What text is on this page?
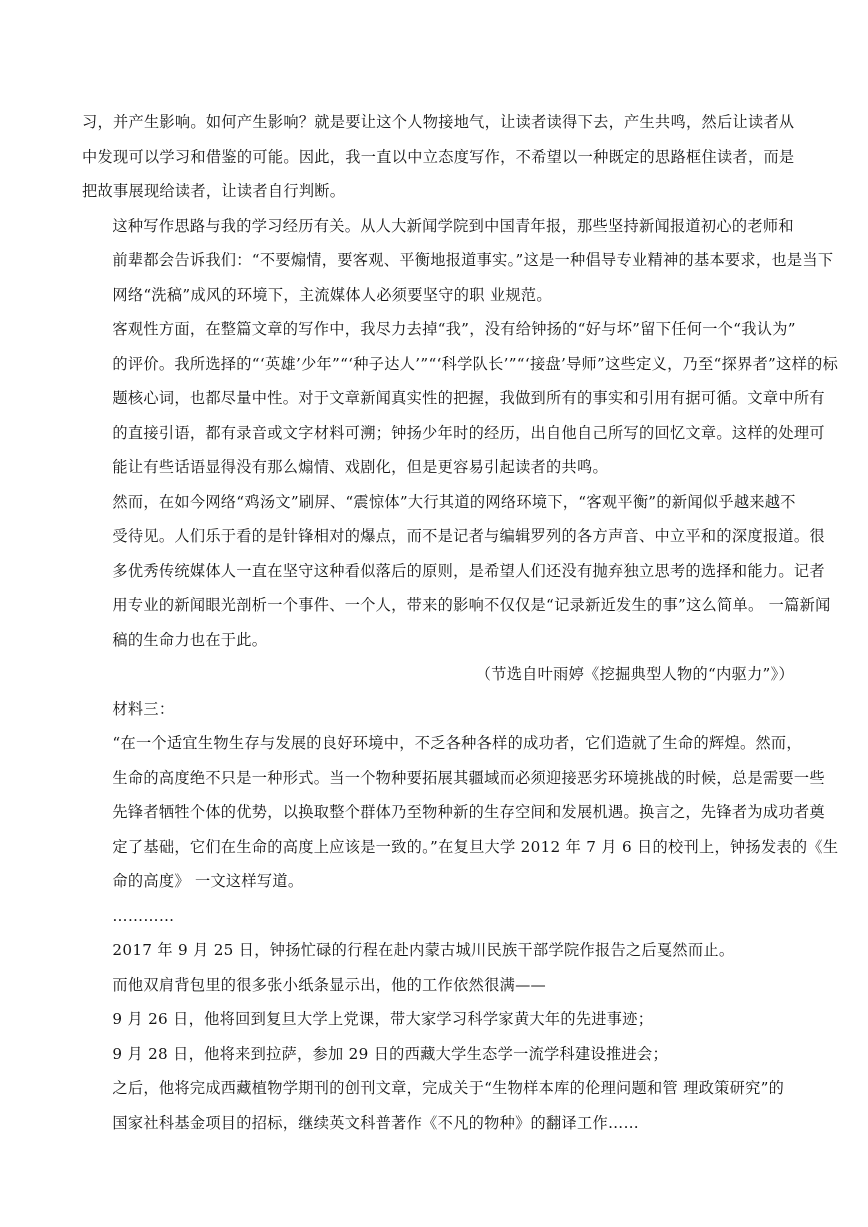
习，并产生影响。如何产生影响？就是要让这个人物接地气，让读者读得下去，产生共鸣，然后让读者从
中发现可以学习和借鉴的可能。因此，我一直以中立态度写作，不希望以一种既定的思路框住读者，而是
把故事展现给读者，让读者自行判断。

这种写作思路与我的学习经历有关。从人大新闻学院到中国青年报，那些坚持新闻报道初心的老师和
前辈都会告诉我们：“不要煽情，要客观、平衡地报道事实。”这是一种倡导专业精神的基本要求，也是当下
网络“洗稿”成风的环境下，主流媒体人必须要坚守的职 业规范。

客观性方面，在整篇文章的写作中，我尽力去掉“我”，没有给钟扬的“好与坏”留下任何一个“我认为”
的评价。我所选择的“‘英雄’少年”“‘种子达人’”“‘科学队长’”“‘接盘’导师”这些定义，乃至“探界者”这样的标
题核心词，也都尽量中性。对于文章新闻真实性的把握，我做到所有的事实和引用有据可循。文章中所有
的直接引语，都有录音或文字材料可溯；钟扬少年时的经历，出自他自己所写的回忆文章。这样的处理可
能让有些话语显得没有那么煽情、戏剧化，但是更容易引起读者的共鸣。

然而，在如今网络“鸡汤文”刷屏、“震惊体”大行其道的网络环境下，“客观平衡”的新闻似乎越来越不
受待见。人们乐于看的是针锋相对的爆点，而不是记者与编辑罗列的各方声音、中立平和的深度报道。很
多优秀传统媒体人一直在坚守这种看似落后的原则，是希望人们还没有抛弃独立思考的选择和能力。记者
用专业的新闻眼光剖析一个事件、一个人，带来的影响不仅仅是“记录新近发生的事”这么简单。 一篇新闻
稿的生命力也在于此。

（节选自叶雨婷《挖掘典型人物的“内驱力”》）

材料三：

“在一个适宜生物生存与发展的良好环境中，不乏各种各样的成功者，它们造就了生命的辉煌。然而，
生命的高度绝不只是一种形式。当一个物种要拓展其疆域而必须迎接恶劣环境挑战的时候，总是需要一些
先锋者牺牲个体的优势，以换取整个群体乃至物种新的生存空间和发展机遇。换言之，先锋者为成功者奠
定了基础，它们在生命的高度上应该是一致的。”在复旦大学 2012 年 7 月 6 日的校刊上，钟扬发表的《生
命的高度》 一文这样写道。

…………

2017 年 9 月 25 日，钟扬忙碌的行程在赴内蒙古城川民族干部学院作报告之后戛然而止。

而他双肩背包里的很多张小纸条显示出，他的工作依然很满——

9 月 26 日，他将回到复旦大学上党课，带大家学习科学家黄大年的先进事迹；

9 月 28 日，他将来到拉萨，参加 29 日的西藏大学生态学一流学科建设推进会；

之后，他将完成西藏植物学期刊的创刊文章，完成关于“生物样本库的伦理问题和管 理政策研究”的
国家社科基金项目的招标，继续英文科普著作《不凡的物种》的翻译工作……
